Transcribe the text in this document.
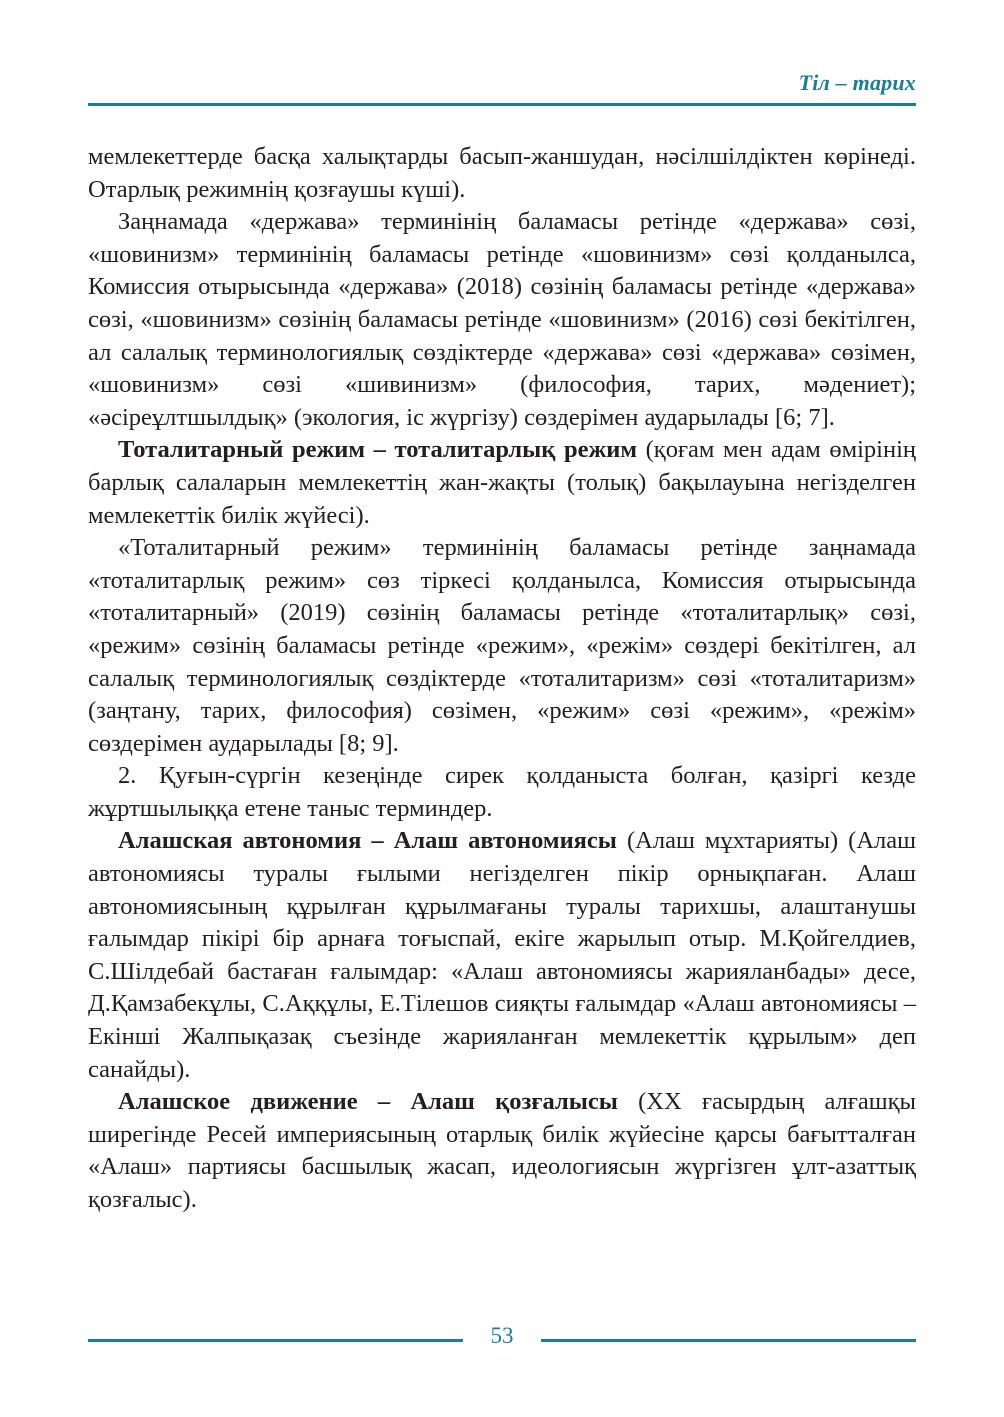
Тіл – тарих

мемлекеттерде басқа халықтарды басып-жаншудан, нәсілшілдіктен көрінеді. Отарлық режимнің қозғаушы күші).

Заңнамада «держава» терминінің баламасы ретінде «держава» сөзі, «шовинизм» терминінің баламасы ретінде «шовинизм» сөзі қолданылса, Комиссия отырысында «держава» (2018) сөзінің баламасы ретінде «держава» сөзі, «шовинизм» сөзінің баламасы ретінде «шовинизм» (2016) сөзі бекітілген, ал салалық терминологиялық сөздіктерде «держава» сөзі «держава» сөзімен, «шовинизм» сөзі «шивинизм» (философия, тарих, мәдениет); «әсіреұлтшылдық» (экология, іс жүргізу) сөздерімен аударылады [6; 7].

Тоталитарный режим – тоталитарлық режим (қоғам мен адам өмірінің барлық салаларын мемлекеттің жан-жақты (толық) бақылауына негізделген мемлекеттік билік жүйесі).

«Тоталитарный режим» терминінің баламасы ретінде заңнамада «тоталитарлық режим» сөз тіркесі қолданылса, Комиссия отырысында «тоталитарный» (2019) сөзінің баламасы ретінде «тоталитарлық» сөзі, «режим» сөзінің баламасы ретінде «режим», «режім» сөздері бекітілген, ал салалық терминологиялық сөздіктерде «тоталитаризм» сөзі «тоталитаризм» (заңтану, тарих, философия) сөзімен, «режим» сөзі «режим», «режім» сөздерімен аударылады [8; 9].

2. Қуғын-сүргін кезеңінде сирек қолданыста болған, қазіргі кезде жұртшылыққа етене таныс терминдер.

Алашская автономия – Алаш автономиясы (Алаш мұхтарияты) (Алаш автономиясы туралы ғылыми негізделген пікір орнықпаған. Алаш автономиясының құрылған құрылмағаны туралы тарихшы, алаштанушы ғалымдар пікірі бір арнаға тоғыспай, екіге жарылып отыр. М.Қойгелдиев, С.Шілдебай бастаған ғалымдар: «Алаш автономиясы жарияланбады» десе, Д.Қамзабекұлы, С.Аққұлы, Е.Тілешов сияқты ғалымдар «Алаш автономиясы – Екінші Жалпықазақ съезінде жарияланған мемлекеттік құрылым» деп санайды).

Алашское движение – Алаш қозғалысы (ХХ ғасырдың алғашқы ширегінде Ресей империясының отарлық билік жүйесіне қарсы бағытталған «Алаш» партиясы басшылық жасап, идеологиясын жүргізген ұлт-азаттық қозғалыс).

53
